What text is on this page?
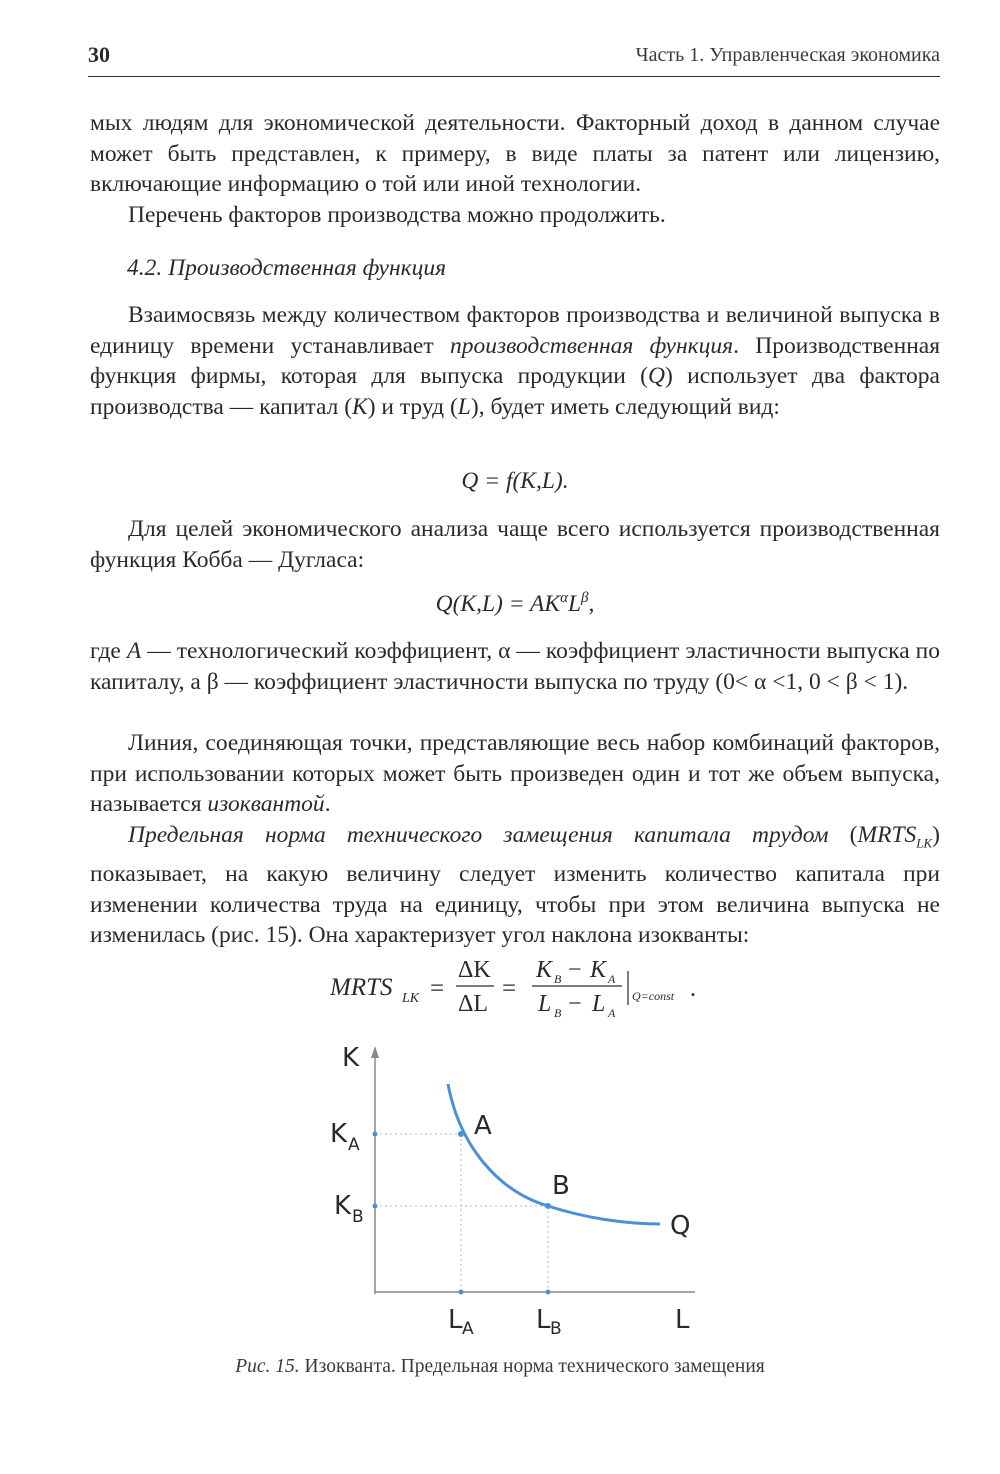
30	Часть 1. Управленческая экономика

мых людям для экономической деятельности. Факторный доход в данном случае может быть представлен, к примеру, в виде платы за патент или лицензию, включающие информацию о той или иной технологии.

Перечень факторов производства можно продолжить.

4.2. Производственная функция

Взаимосвязь между количеством факторов производства и величиной выпуска в единицу времени устанавливает производственная функция. Производственная функция фирмы, которая для выпуска продукции (Q) использует два фактора производства — капитал (K) и труд (L), будет иметь следующий вид:

Q = f(K,L).

Для целей экономического анализа чаще всего используется производственная функция Кобба — Дугласа:

$Q(K,L) = AK^\alpha L^\beta$,

где A — технологический коэффициент, α — коэффициент эластичности выпуска по капиталу, а β — коэффициент эластичности выпуска по труду (0< α <1, 0 < β < 1).

Линия, соединяющая точки, представляющие весь набор комбинаций факторов, при использовании которых может быть произведен один и тот же объем выпуска, называется изоквантой.

Предельная норма технического замещения капитала трудом $(MRTS_{LK})$ показывает, на какую величину следует изменить количество капитала при изменении количества труда на единицу, чтобы при этом величина выпуска не изменилась (рис. 15). Она характеризует угол наклона изокванты:

MRTS LK =
ΔK
ΔL
=
K B − K A
L B − L A
Q=const .
K
L
K A
K B
L A L B
A
B
Q
Рис. 15. Изокванта. Предельная норма технического замещения
